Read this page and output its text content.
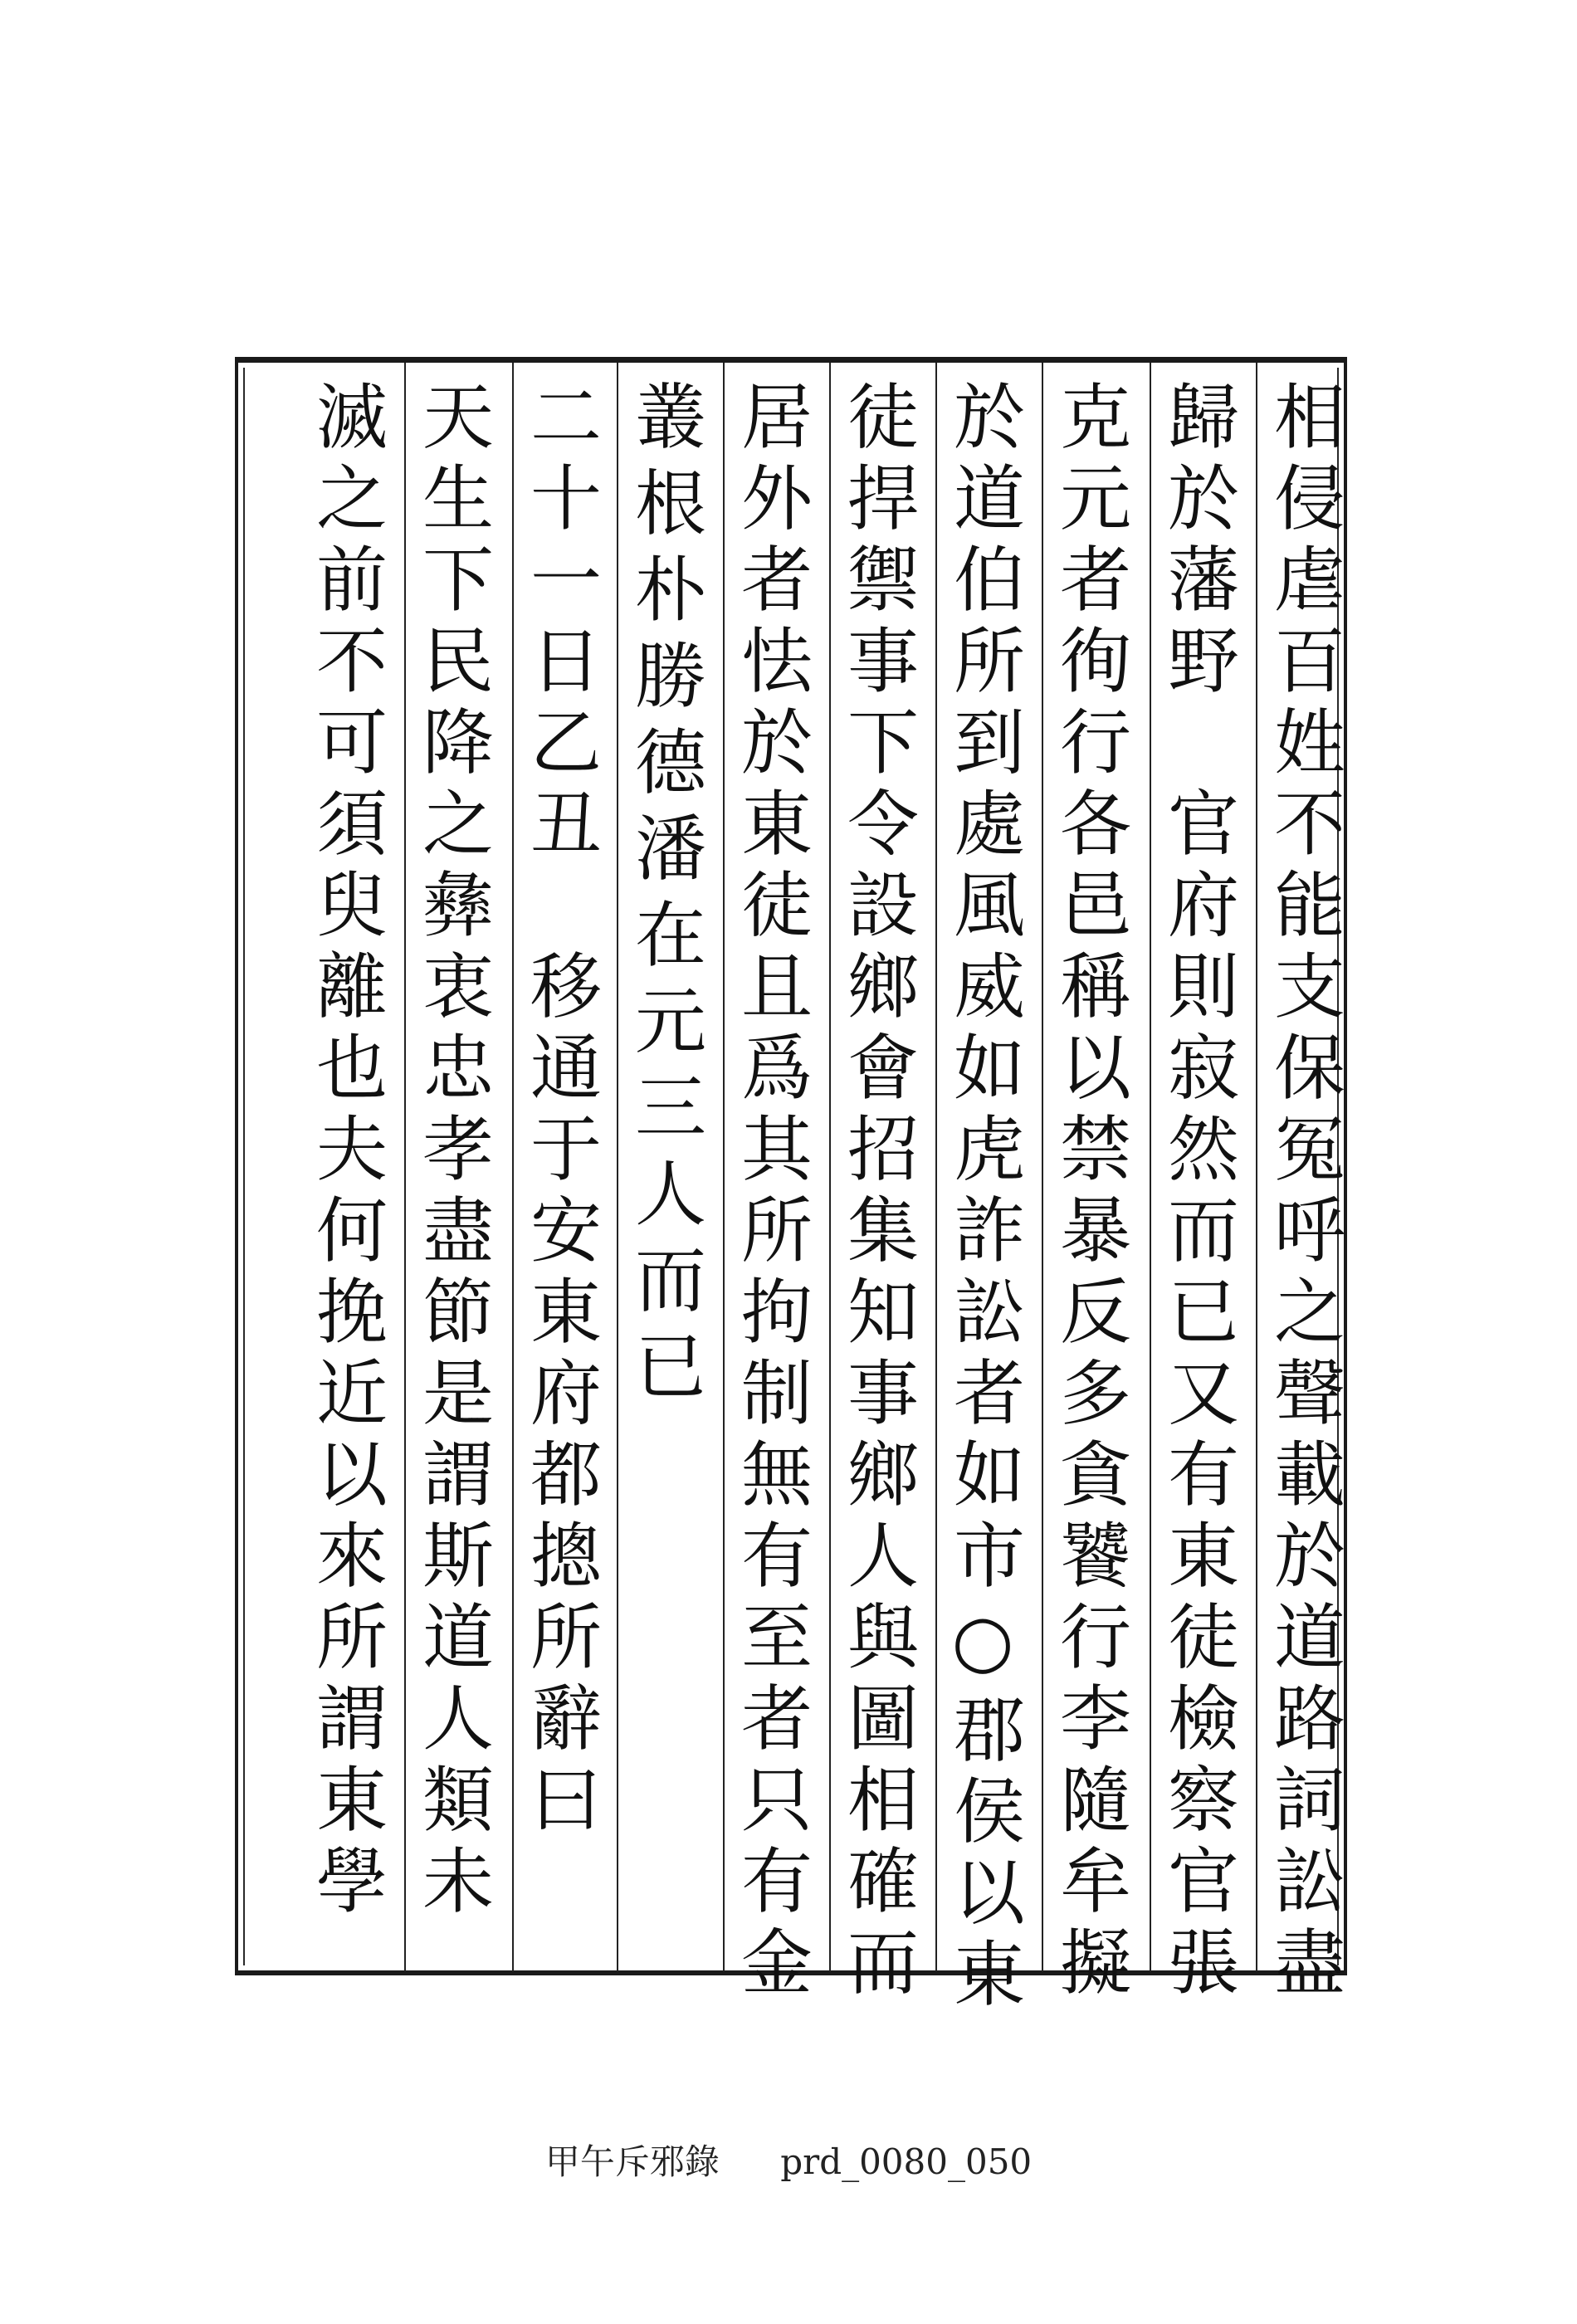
相侵虐百姓不能支保冤呼之聲載於道路詞訟盡
歸於藩野　官府則寂然而已又有東徒檢察官張
克元者徇行各邑稱以禁暴反多貪饕行李隨牟擬
於道伯所到處風威如虎詐訟者如市○郡侯以東
徒捍禦事下令設鄉會招集知事鄉人與圖相確而
居外者怯於東徒且爲其所拘制無有至者只有金
叢根朴勝德潘在元三人而已
二十一日乙丑　移通于安東府都摠所辭曰
天生下民降之彝衷忠孝盡節是謂斯道人類未
滅之前不可須臾離也夫何挽近以來所謂東學
甲午斥邪錄 prd_0080_050
